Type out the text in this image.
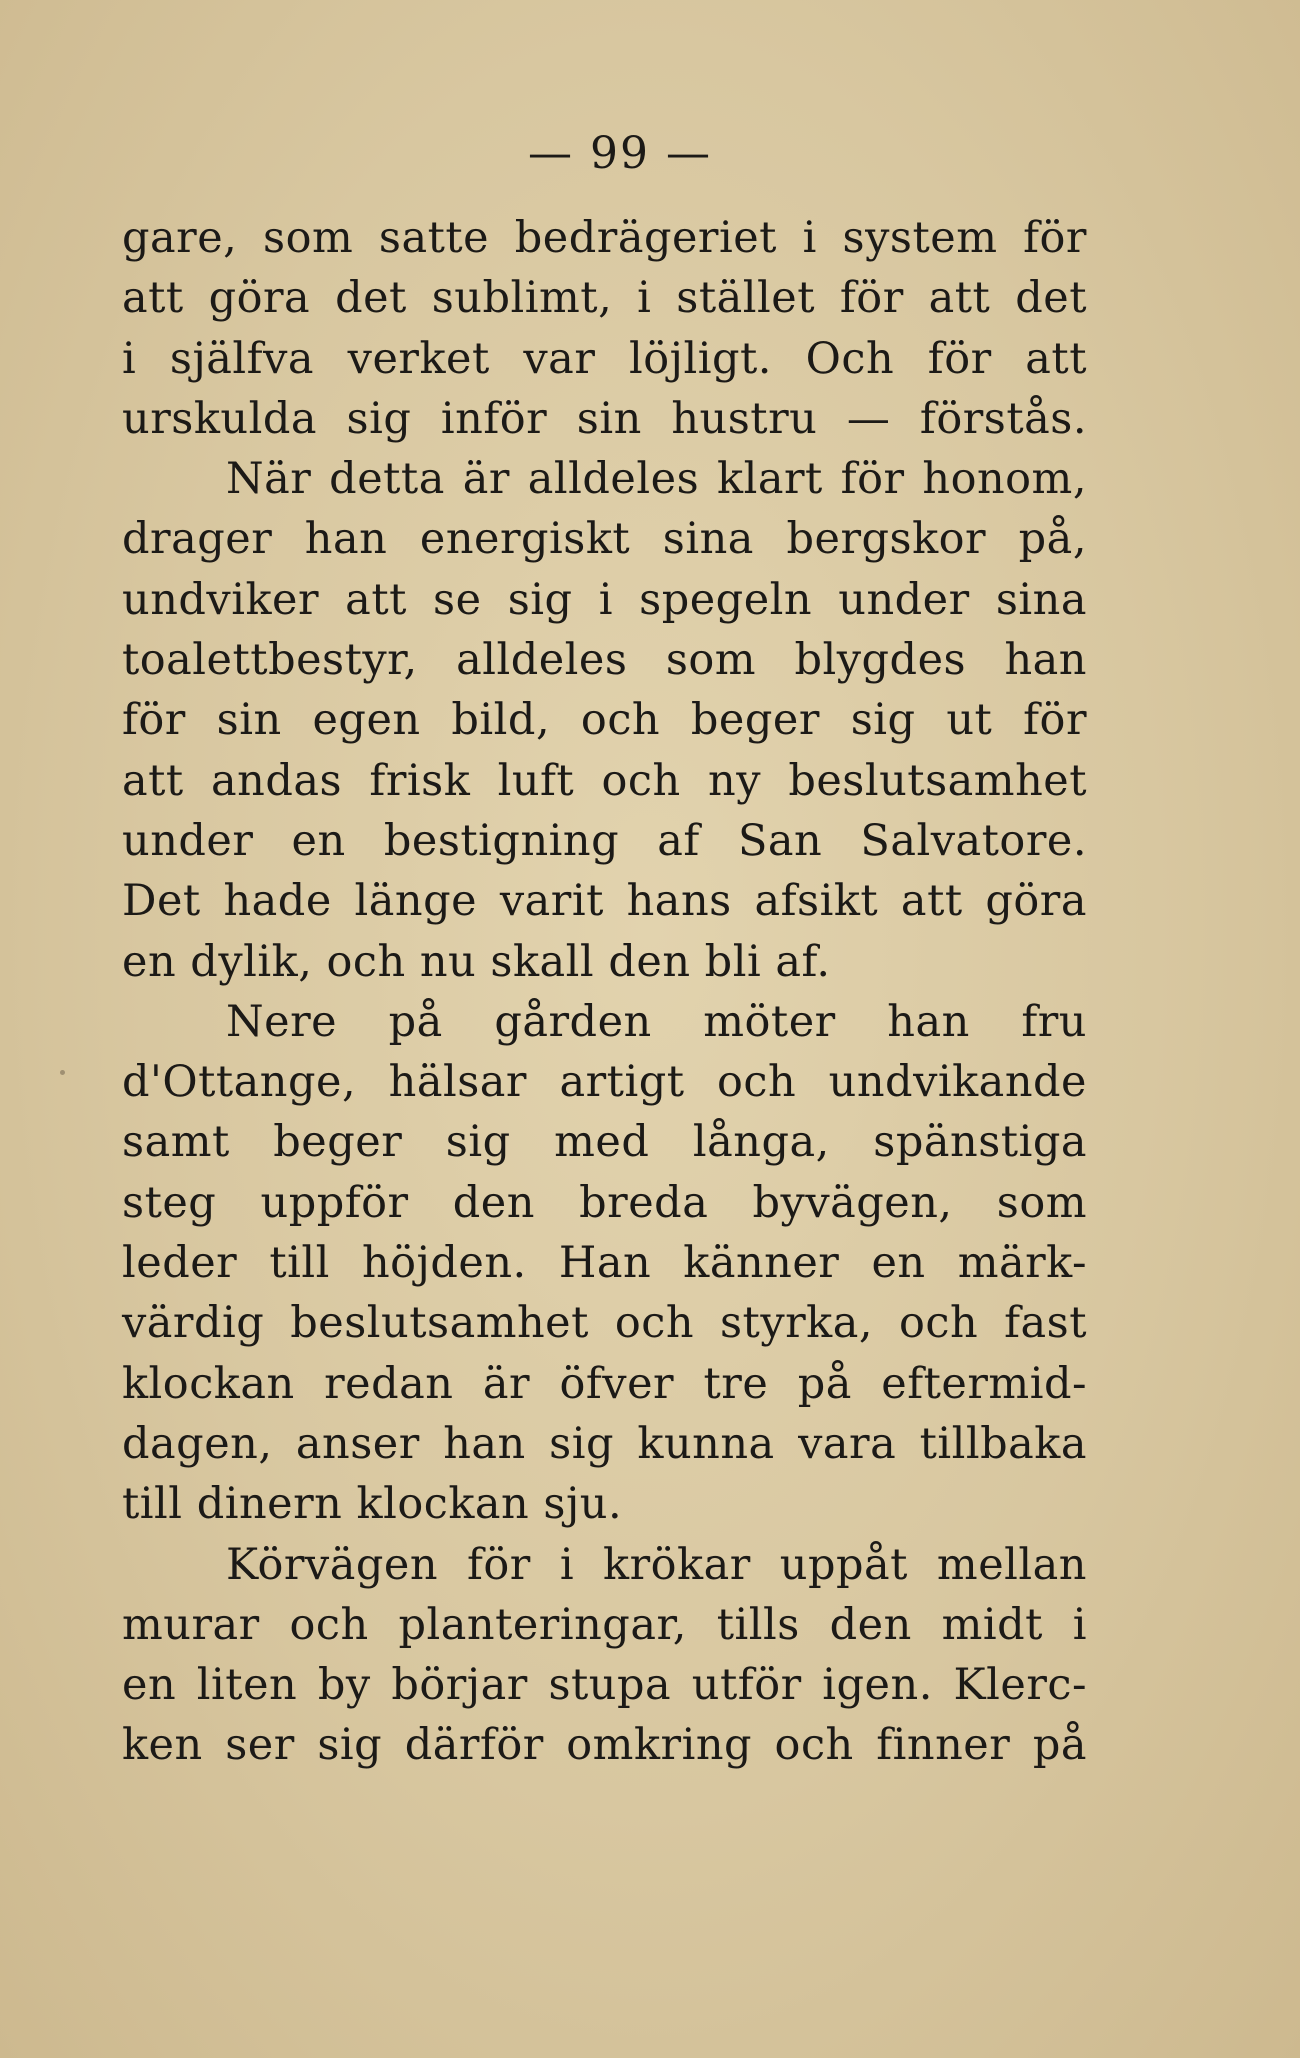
— 99 —
gare, som satte bedrägeriet i system för
att göra det sublimt, i stället för att det
i själfva verket var löjligt. Och för att
urskulda sig inför sin hustru — förstås.
När detta är alldeles klart för honom,
drager han energiskt sina bergskor på,
undviker att se sig i spegeln under sina
toalettbestyr, alldeles som blygdes han
för sin egen bild, och beger sig ut för
att andas frisk luft och ny beslutsamhet
under en bestigning af San Salvatore.
Det hade länge varit hans afsikt att göra
en dylik, och nu skall den bli af.
Nere på gården möter han fru
d'Ottange, hälsar artigt och undvikande
samt beger sig med långa, spänstiga
steg uppför den breda byvägen, som
leder till höjden. Han känner en märk-
värdig beslutsamhet och styrka, och fast
klockan redan är öfver tre på eftermid-
dagen, anser han sig kunna vara tillbaka
till dinern klockan sju.
Körvägen för i krökar uppåt mellan
murar och planteringar, tills den midt i
en liten by börjar stupa utför igen. Klerc-
ken ser sig därför omkring och finner på
